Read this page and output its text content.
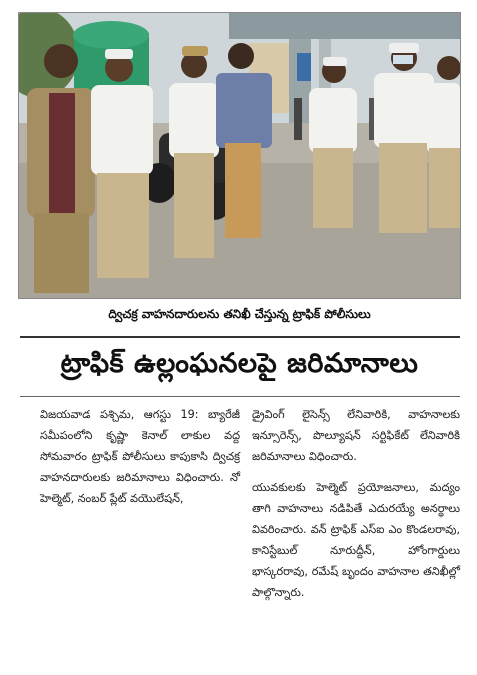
ద్విచక్ర వాహనదారులను తనిఖీ చేస్తున్న ట్రాఫిక్ పోలీసులు
ట్రాఫిక్ ఉల్లంఘనలపై జరిమానాలు

విజయవాడ పశ్చిమ, ఆగస్టు 19: బ్యారేజీ సమీపంలోని కృష్ణా కెనాల్ లాకుల వద్ద సోమవారం ట్రాఫిక్ పోలీసులు కాపుకాసి ద్విచక్ర వాహనదారులకు జరిమానాలు విధించారు. నో హెల్మెట్, నంబర్ ప్లేట్ వయొలేషన్,

డ్రైవింగ్ లైసెన్స్ లేనివారికి, వాహనాలకు ఇన్సూరెన్స్, పొల్యూషన్ సర్టిఫికేట్ లేనివారికి జరిమానాలు విధించారు.

యువకులకు హెల్మెట్ ప్రయోజనాలు, మద్యం తాగి వాహనాలు నడిపితే ఎదురయ్యే అనర్థాలు వివరించారు. వన్ ట్రాఫిక్ ఎస్ఐ ఎం కొండలరావు, కానిస్టేబుల్ నూరుద్దీన్, హోంగార్డులు భాస్కరరావు, రమేష్ బృందం వాహనాల తనిఖీల్లో పాల్గొన్నారు.
